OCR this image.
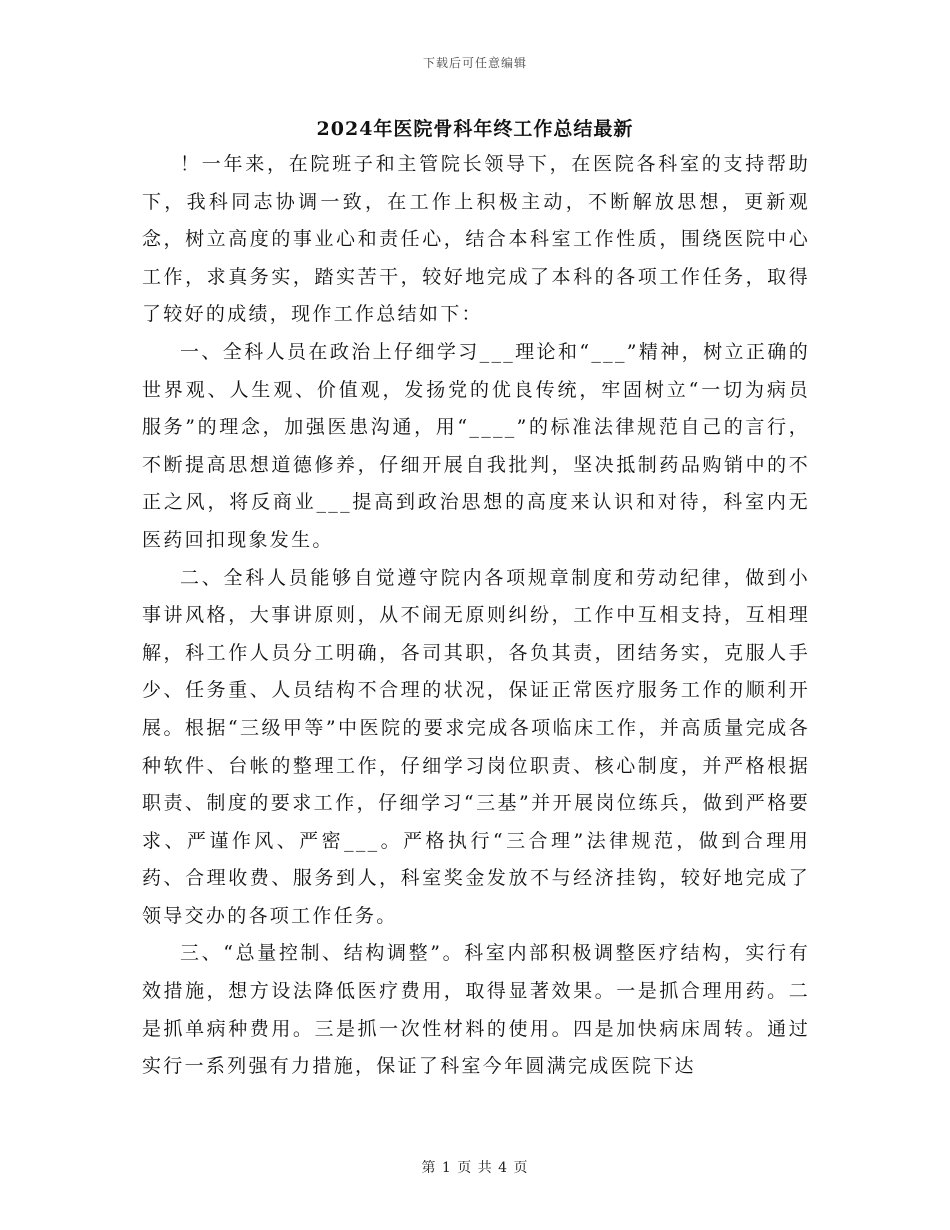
下载后可任意编辑
2024年医院骨科年终工作总结最新

！一年来，在院班子和主管院长领导下，在医院各科室的支持帮助下，我科同志协调一致，在工作上积极主动，不断解放思想，更新观念，树立高度的事业心和责任心，结合本科室工作性质，围绕医院中心工作，求真务实，踏实苦干，较好地完成了本科的各项工作任务，取得了较好的成绩，现作工作总结如下：

一、全科人员在政治上仔细学习___理论和“___”精神，树立正确的世界观、人生观、价值观，发扬党的优良传统，牢固树立“一切为病员服务”的理念，加强医患沟通，用“____”的标准法律规范自己的言行，不断提高思想道德修养，仔细开展自我批判，坚决抵制药品购销中的不正之风，将反商业___提高到政治思想的高度来认识和对待，科室内无医药回扣现象发生。

二、全科人员能够自觉遵守院内各项规章制度和劳动纪律，做到小事讲风格，大事讲原则，从不闹无原则纠纷，工作中互相支持，互相理解，科工作人员分工明确，各司其职，各负其责，团结务实，克服人手少、任务重、人员结构不合理的状况，保证正常医疗服务工作的顺利开展。根据“三级甲等”中医院的要求完成各项临床工作，并高质量完成各种软件、台帐的整理工作，仔细学习岗位职责、核心制度，并严格根据职责、制度的要求工作，仔细学习“三基”并开展岗位练兵，做到严格要求、严谨作风、严密___。严格执行“三合理”法律规范，做到合理用药、合理收费、服务到人，科室奖金发放不与经济挂钩，较好地完成了领导交办的各项工作任务。

三、“总量控制、结构调整”。科室内部积极调整医疗结构，实行有效措施，想方设法降低医疗费用，取得显著效果。一是抓合理用药。二是抓单病种费用。三是抓一次性材料的使用。四是加快病床周转。通过实行一系列强有力措施，保证了科室今年圆满完成医院下达

第 1 页 共 4 页
